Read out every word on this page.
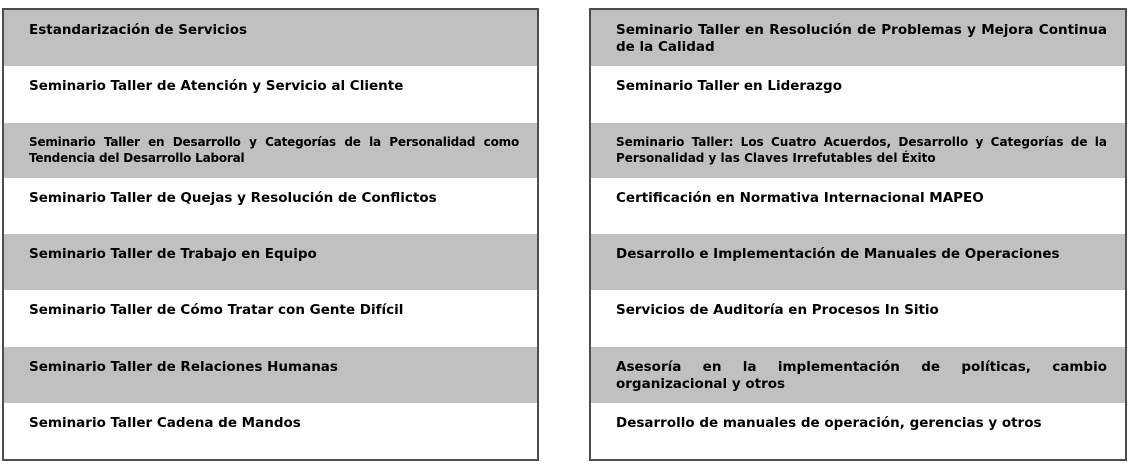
Estandarización de Servicios
Seminario Taller de Atención y Servicio al Cliente
Seminario Taller en Desarrollo y Categorías de la Personalidad como Tendencia del Desarrollo Laboral
Seminario Taller de Quejas y Resolución de Conflictos
Seminario Taller de Trabajo en Equipo
Seminario Taller de Cómo Tratar con Gente Difícil
Seminario Taller de Relaciones Humanas
Seminario Taller Cadena de Mandos
Seminario Taller en Resolución de Problemas y Mejora Continua de la Calidad
Seminario Taller en Liderazgo
Seminario Taller: Los Cuatro Acuerdos, Desarrollo y Categorías de la Personalidad y las Claves Irrefutables del Éxito
Certificación en Normativa Internacional MAPEO
Desarrollo e Implementación de Manuales de Operaciones
Servicios de Auditoría en Procesos In Sitio
Asesoría en la implementación de políticas, cambio organizacional y otros
Desarrollo de manuales de operación, gerencias y otros
